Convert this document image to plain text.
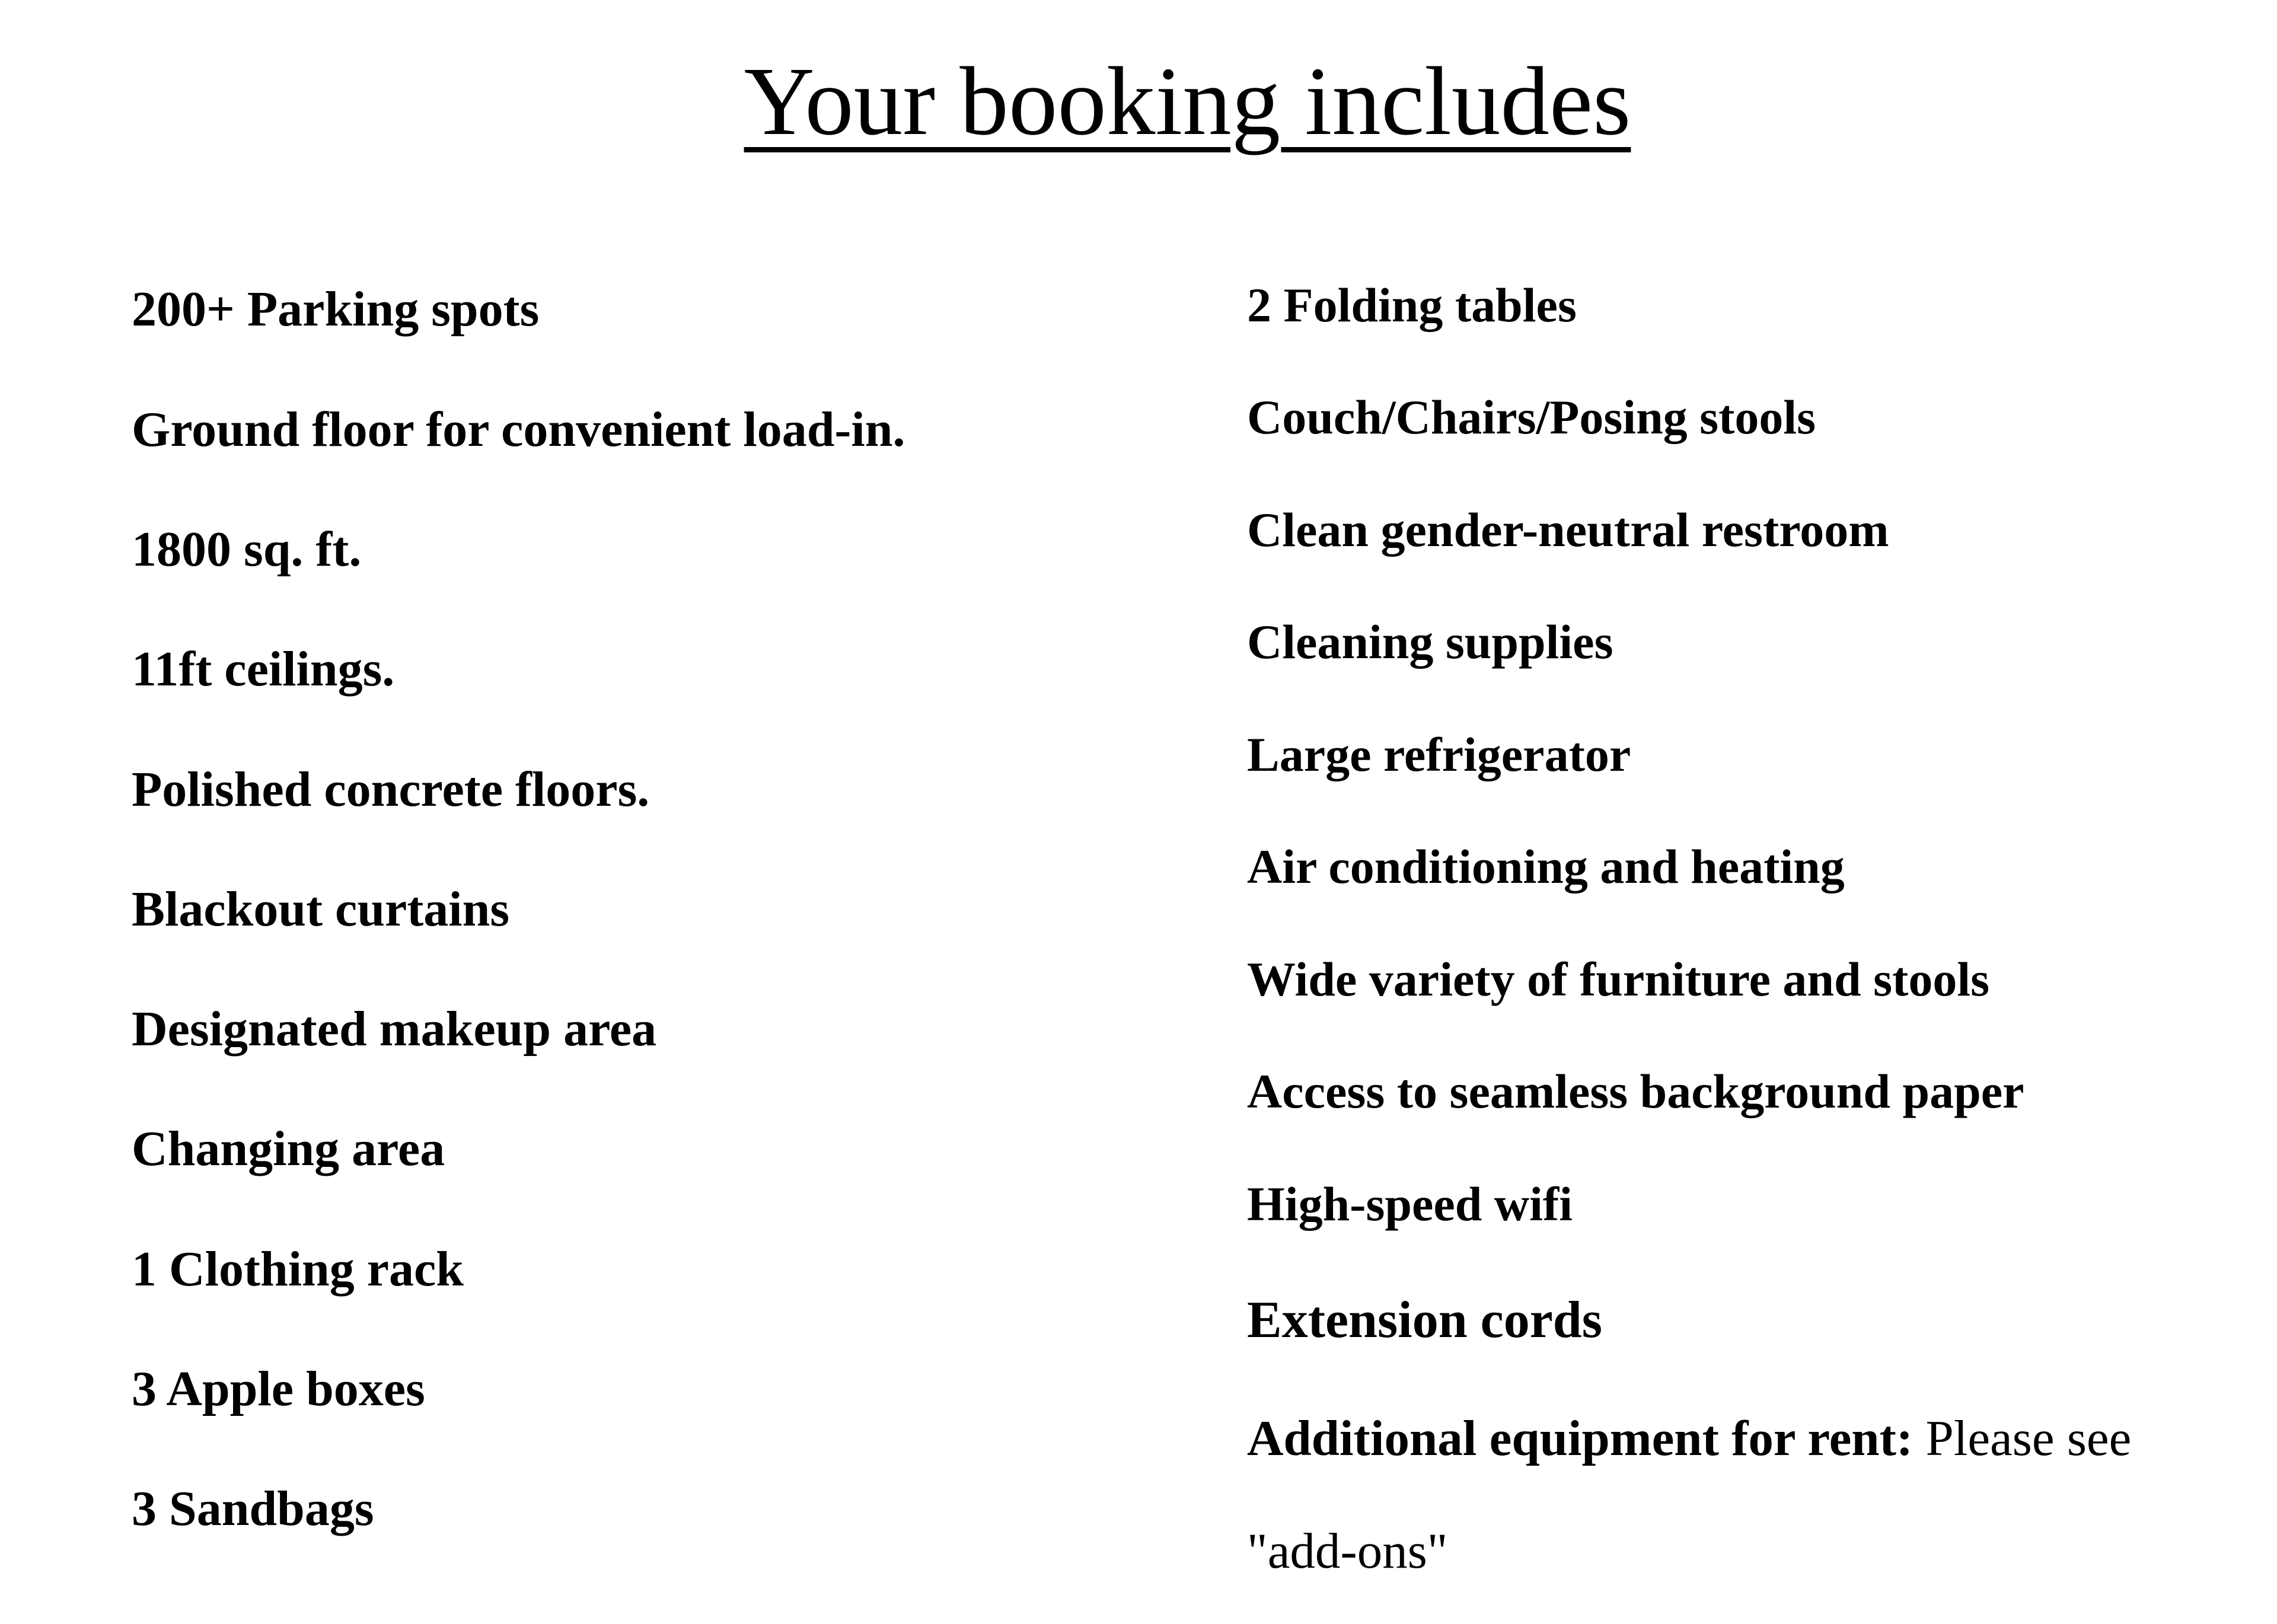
Your booking includes
200+ Parking spots
Ground floor for convenient load-in.
1800 sq. ft.
11ft ceilings.
Polished concrete floors.
Blackout curtains
Designated makeup area
Changing area
1 Clothing rack
3 Apple boxes
3 Sandbags
2 Folding tables
Couch/Chairs/Posing stools
Clean gender-neutral restroom
Cleaning supplies
Large refrigerator
Air conditioning and heating
Wide variety of furniture and stools
Access to seamless background paper
High-speed wifi
Extension cords
Additional equipment for rent: Please see
"add-ons"
